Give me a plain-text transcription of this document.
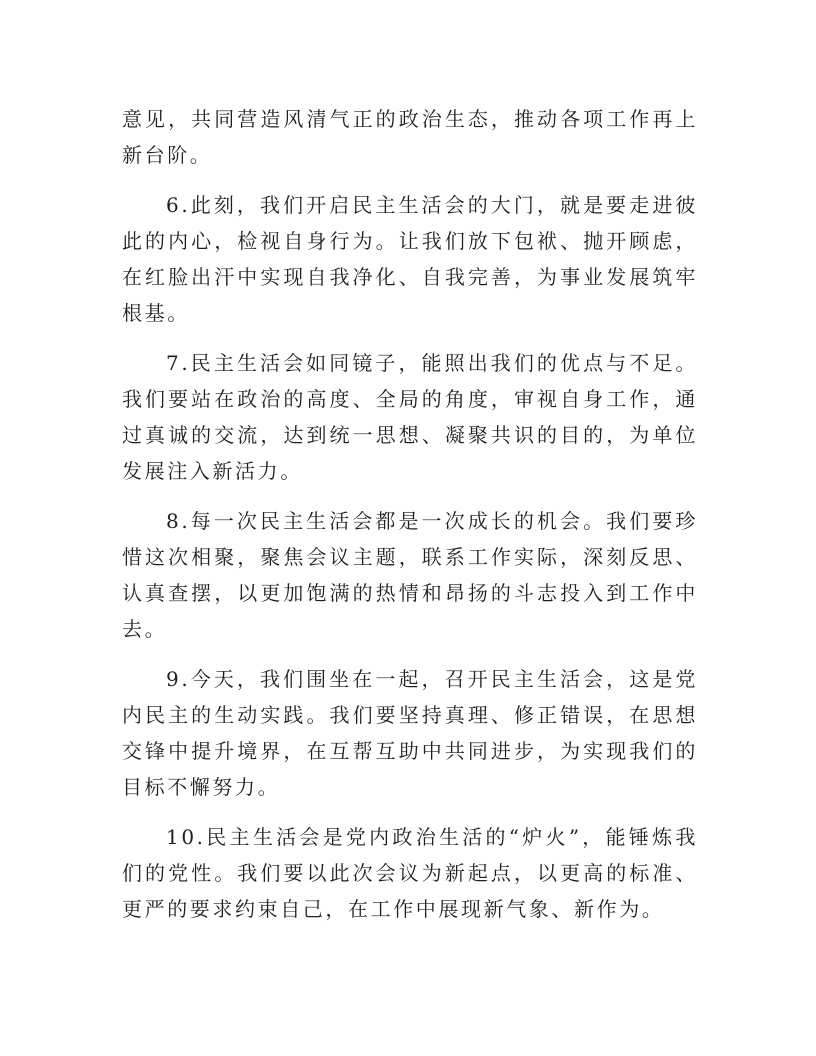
意见，共同营造风清气正的政治生态，推动各项工作再上新台阶。

6.此刻，我们开启民主生活会的大门，就是要走进彼此的内心，检视自身行为。让我们放下包袱、抛开顾虑，在红脸出汗中实现自我净化、自我完善，为事业发展筑牢根基。

7.民主生活会如同镜子，能照出我们的优点与不足。我们要站在政治的高度、全局的角度，审视自身工作，通过真诚的交流，达到统一思想、凝聚共识的目的，为单位发展注入新活力。

8.每一次民主生活会都是一次成长的机会。我们要珍惜这次相聚，聚焦会议主题，联系工作实际，深刻反思、认真查摆，以更加饱满的热情和昂扬的斗志投入到工作中去。

9.今天，我们围坐在一起，召开民主生活会，这是党内民主的生动实践。我们要坚持真理、修正错误，在思想交锋中提升境界，在互帮互助中共同进步，为实现我们的目标不懈努力。

10.民主生活会是党内政治生活的“炉火”，能锤炼我们的党性。我们要以此次会议为新起点，以更高的标准、更严的要求约束自己，在工作中展现新气象、新作为。
